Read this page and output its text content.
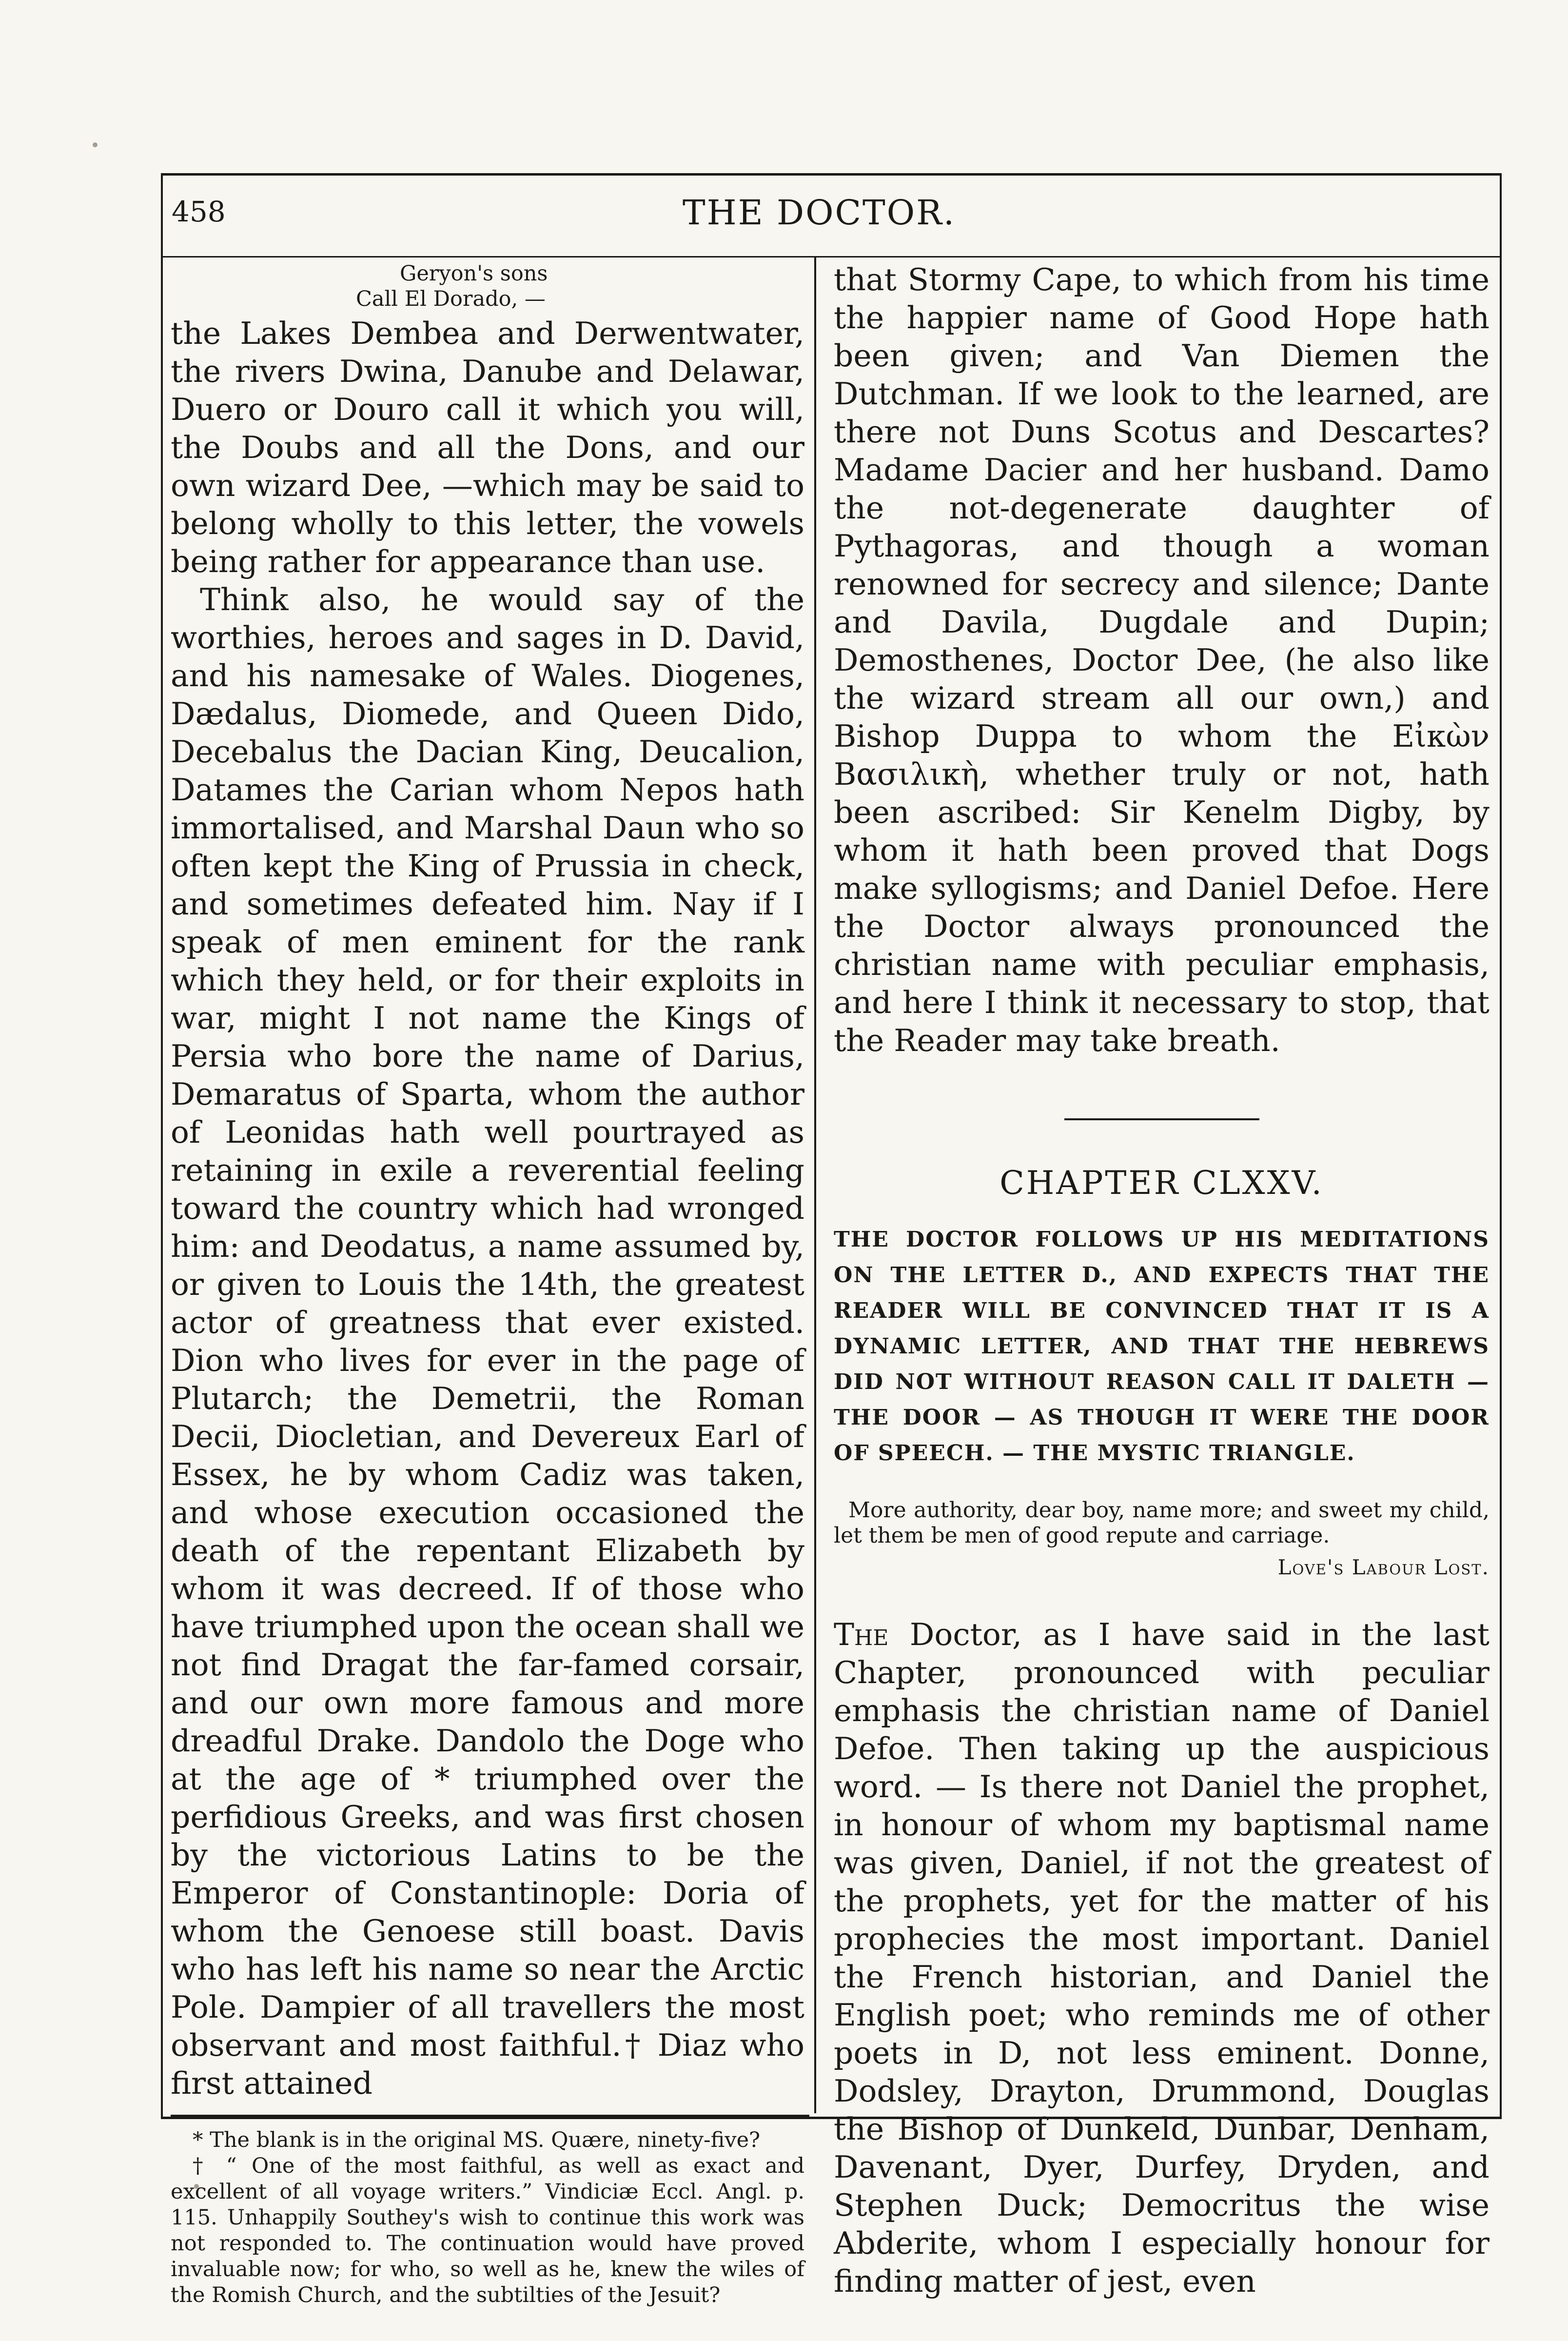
458	THE DOCTOR.
Geryon's sons
Call El Dorado, —

the Lakes Dembea and Derwentwater, the rivers Dwina, Danube and Delawar, Duero or Douro call it which you will, the Doubs and all the Dons, and our own wizard Dee, —which may be said to belong wholly to this letter, the vowels being rather for appearance than use.

Think also, he would say of the worthies, heroes and sages in D. David, and his namesake of Wales. Diogenes, Dædalus, Diomede, and Queen Dido, Decebalus the Dacian King, Deucalion, Datames the Carian whom Nepos hath immortalised, and Marshal Daun who so often kept the King of Prussia in check, and sometimes defeated him. Nay if I speak of men eminent for the rank which they held, or for their exploits in war, might I not name the Kings of Persia who bore the name of Darius, Demaratus of Sparta, whom the author of Leonidas hath well pourtrayed as retaining in exile a reverential feeling toward the country which had wronged him: and Deodatus, a name assumed by, or given to Louis the 14th, the greatest actor of greatness that ever existed. Dion who lives for ever in the page of Plutarch; the Demetrii, the Roman Decii, Diocletian, and Devereux Earl of Essex, he by whom Cadiz was taken, and whose execution occasioned the death of the repentant Elizabeth by whom it was decreed. If of those who have triumphed upon the ocean shall we not find Dragat the far-famed corsair, and our own more famous and more dreadful Drake. Dandolo the Doge who at the age of * triumphed over the perfidious Greeks, and was first chosen by the victorious Latins to be the Emperor of Constantinople: Doria of whom the Genoese still boast. Davis who has left his name so near the Arctic Pole. Dampier of all travellers the most observant and most faithful.† Diaz who first attained

* The blank is in the original MS. Quære, ninety-five?

† “ One of the most faithful, as well as exact and excellent of all voyage writers.” Vindiciæ Eccl. Angl. p. 115. Unhappily Southey's wish to continue this work was not responded to. The continuation would have proved invaluable now; for who, so well as he, knew the wiles of the Romish Church, and the subtilties of the Jesuit?

that Stormy Cape, to which from his time the happier name of Good Hope hath been given; and Van Diemen the Dutchman. If we look to the learned, are there not Duns Scotus and Descartes? Madame Dacier and her husband. Damo the not-degenerate daughter of Pythagoras, and though a woman renowned for secrecy and silence; Dante and Davila, Dugdale and Dupin; Demosthenes, Doctor Dee, (he also like the wizard stream all our own,) and Bishop Duppa to whom the Εἰκὼν Βασιλικὴ, whether truly or not, hath been ascribed: Sir Kenelm Digby, by whom it hath been proved that Dogs make syllogisms; and Daniel Defoe. Here the Doctor always pronounced the christian name with peculiar emphasis, and here I think it necessary to stop, that the Reader may take breath.

CHAPTER CLXXV.
THE DOCTOR FOLLOWS UP HIS MEDITATIONS ON THE LETTER D., AND EXPECTS THAT THE READER WILL BE CONVINCED THAT IT IS A DYNAMIC LETTER, AND THAT THE HEBREWS DID NOT WITHOUT REASON CALL IT DALETH — THE DOOR — AS THOUGH IT WERE THE DOOR OF SPEECH. — THE MYSTIC TRIANGLE.
More authority, dear boy, name more; and sweet my child, let them be men of good repute and carriage.
Love's Labour Lost.

The Doctor, as I have said in the last Chapter, pronounced with peculiar emphasis the christian name of Daniel Defoe. Then taking up the auspicious word. — Is there not Daniel the prophet, in honour of whom my baptismal name was given, Daniel, if not the greatest of the prophets, yet for the matter of his prophecies the most important. Daniel the French historian, and Daniel the English poet; who reminds me of other poets in D, not less eminent. Donne, Dodsley, Drayton, Drummond, Douglas the Bishop of Dunkeld, Dunbar, Denham, Davenant, Dyer, Durfey, Dryden, and Stephen Duck; Democritus the wise Abderite, whom I especially honour for finding matter of jest, even
